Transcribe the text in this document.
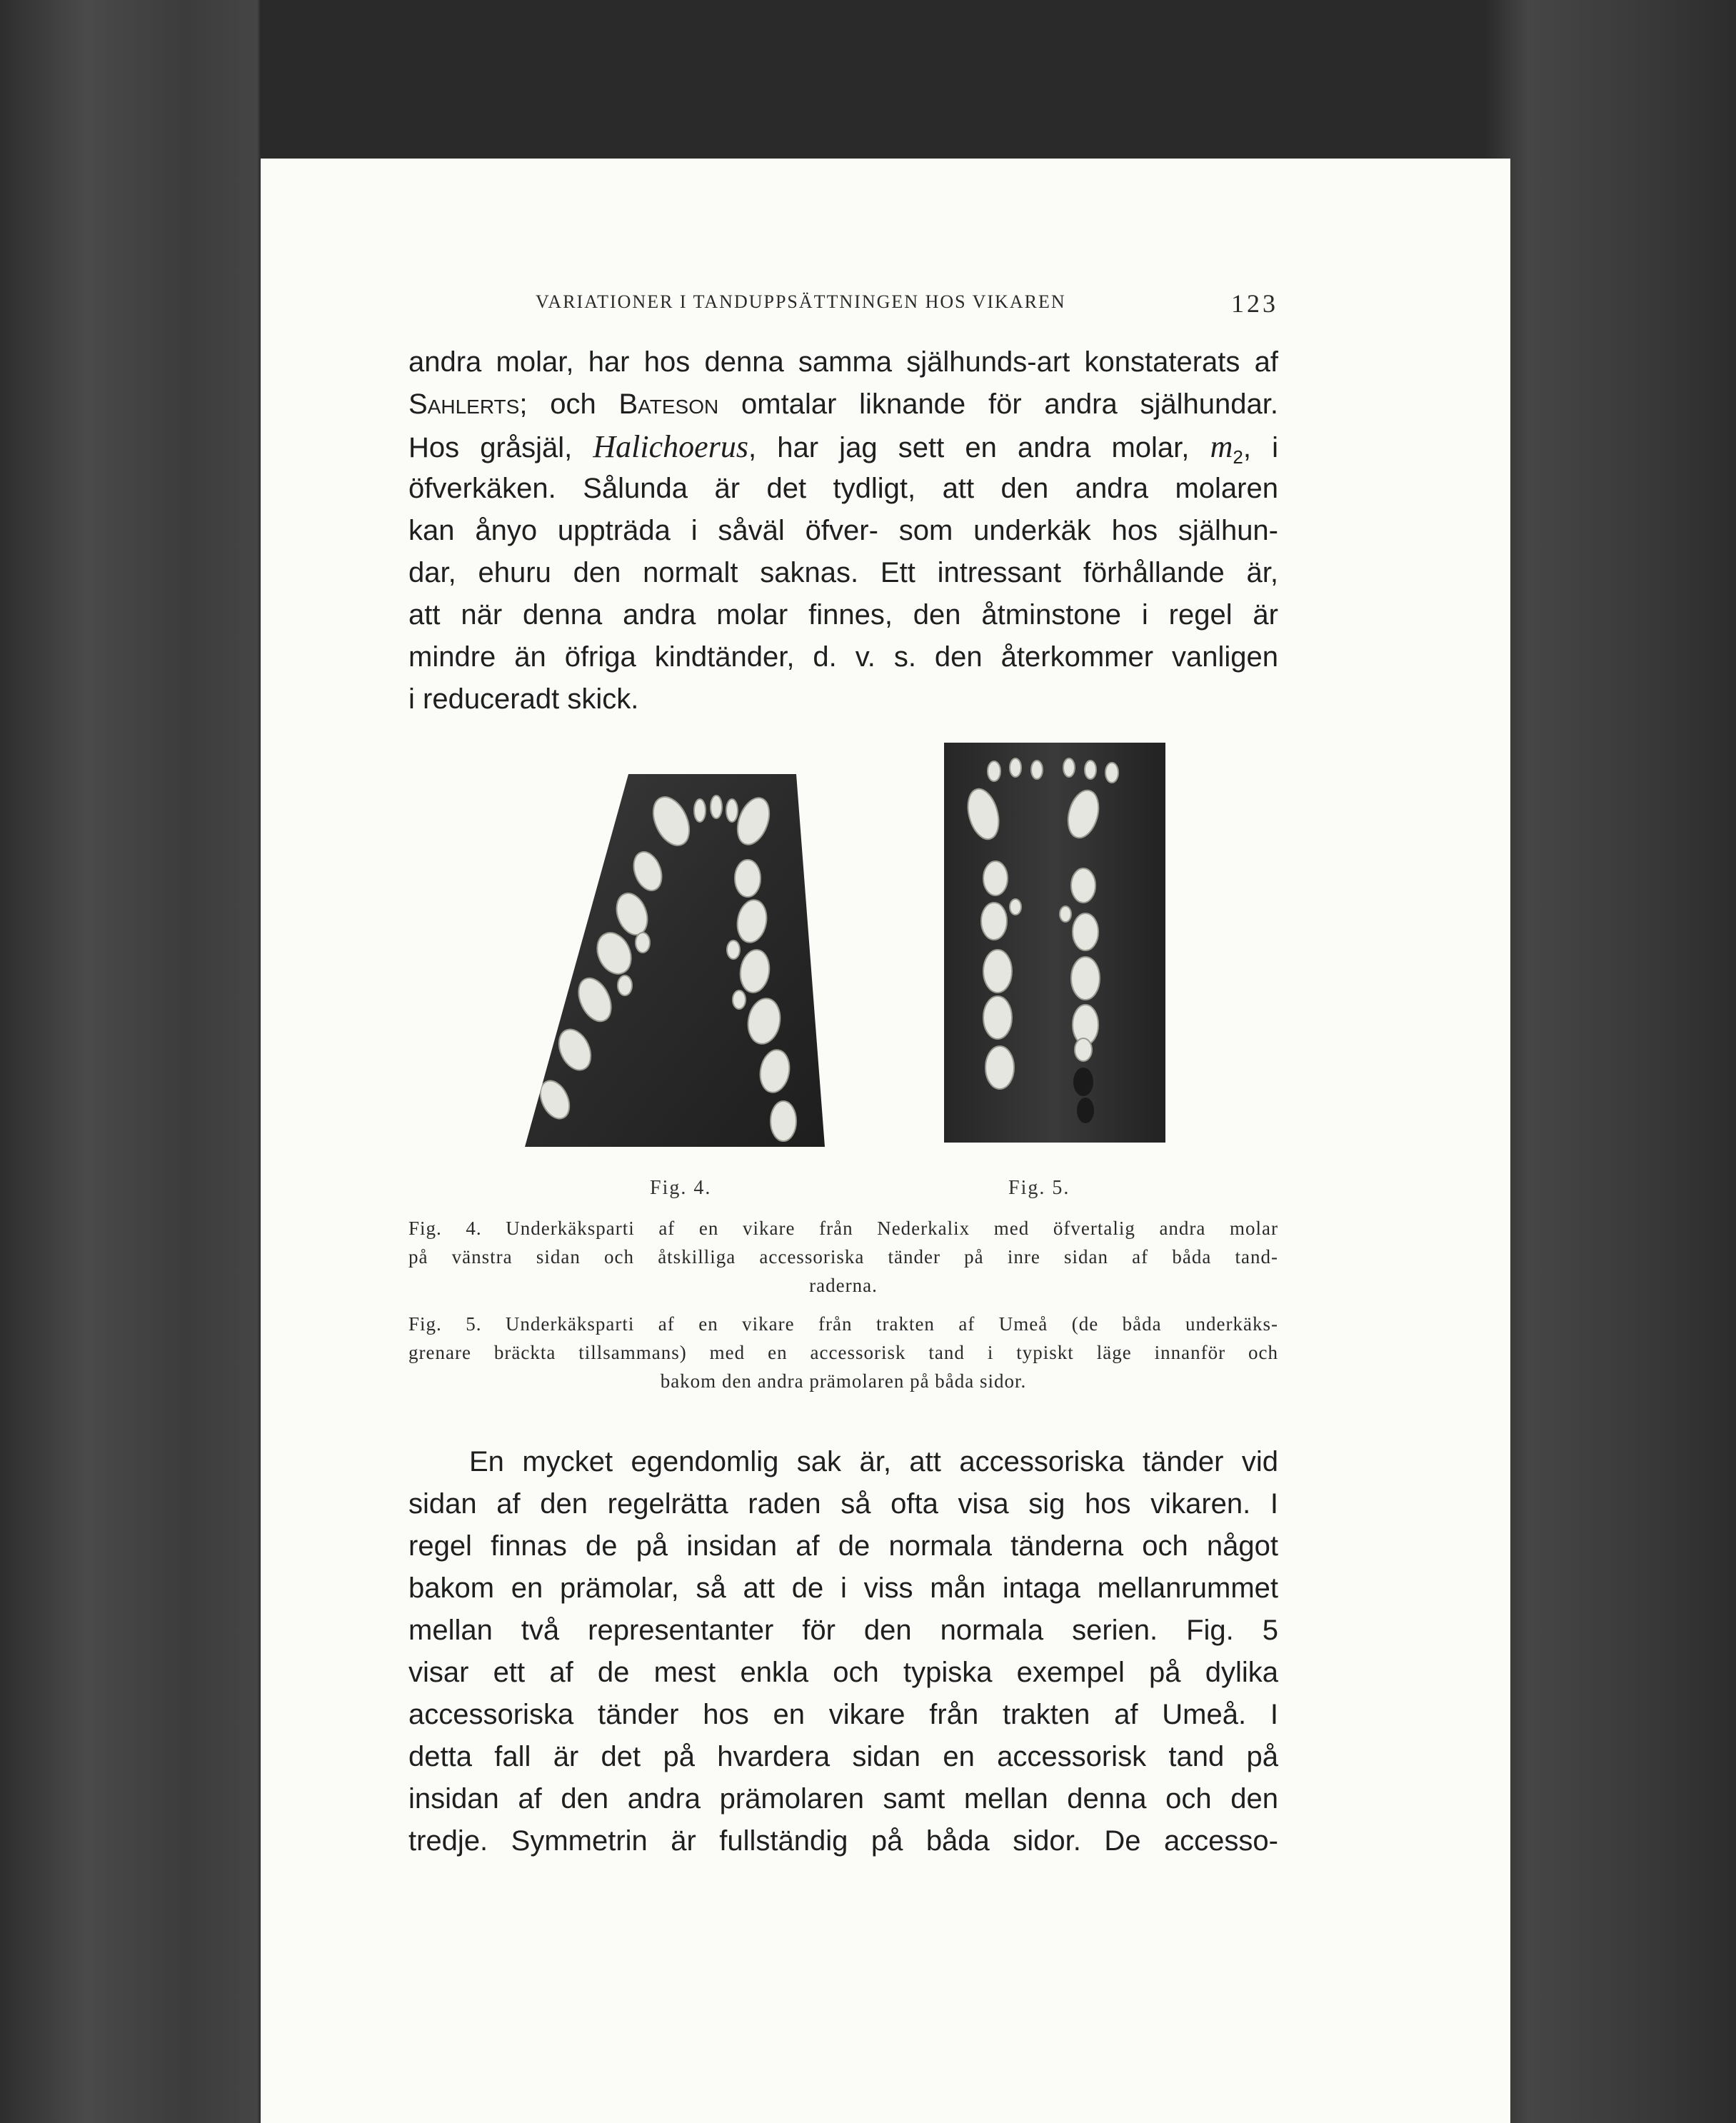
VARIATIONER I TANDUPPSÄTTNINGEN HOS VIKAREN	123
andra molar, har hos denna samma själhunds-art konstaterats af
Sahlerts; och Bateson omtalar liknande för andra själhundar.
Hos gråsjäl, Halichoerus, har jag sett en andra molar, $m_2$, i
öfverkäken. Sålunda är det tydligt, att den andra molaren
kan ånyo uppträda i såväl öfver- som underkäk hos själhun-
dar, ehuru den normalt saknas. Ett intressant förhållande är,
att när denna andra molar finnes, den åtminstone i regel är
mindre än öfriga kindtänder, d. v. s. den återkommer vanligen
i reduceradt skick.
Fig. 4.	Fig. 5.
Fig. 4. Underkäksparti af en vikare från Nederkalix med öfvertalig andra molar
på vänstra sidan och åtskilliga accessoriska tänder på inre sidan af båda tand-
raderna.
Fig. 5. Underkäksparti af en vikare från trakten af Umeå (de båda underkäks-
grenare bräckta tillsammans) med en accessorisk tand i typiskt läge innanför och
bakom den andra prämolaren på båda sidor.
En mycket egendomlig sak är, att accessoriska tänder vid
sidan af den regelrätta raden så ofta visa sig hos vikaren. I
regel finnas de på insidan af de normala tänderna och något
bakom en prämolar, så att de i viss mån intaga mellanrummet
mellan två representanter för den normala serien. Fig. 5
visar ett af de mest enkla och typiska exempel på dylika
accessoriska tänder hos en vikare från trakten af Umeå. I
detta fall är det på hvardera sidan en accessorisk tand på
insidan af den andra prämolaren samt mellan denna och den
tredje. Symmetrin är fullständig på båda sidor. De accesso-
